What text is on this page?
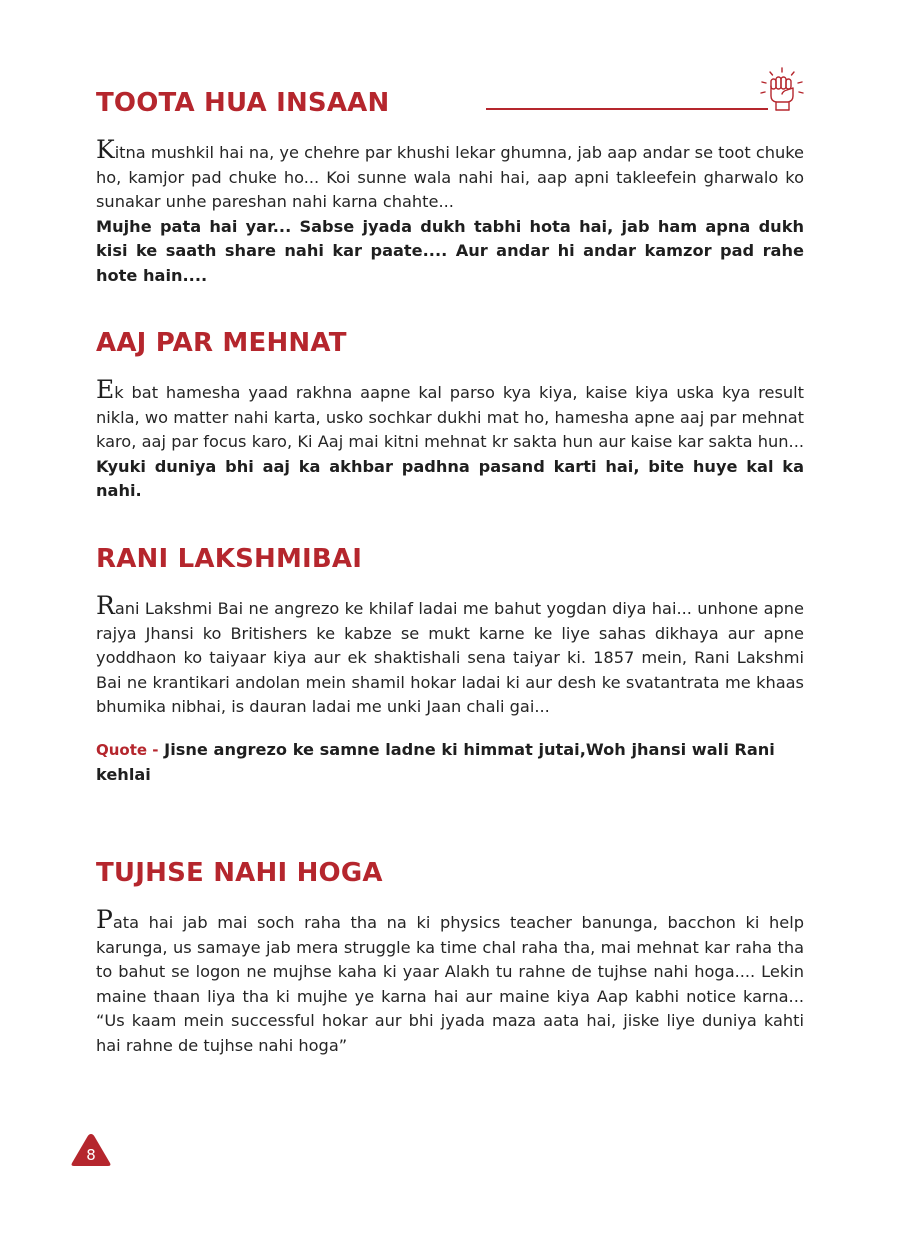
TOOTA HUA INSAAN

Kitna mushkil hai na, ye chehre par khushi lekar ghumna, jab aap andar se toot chuke ho, kamjor pad chuke ho... Koi sunne wala nahi hai, aap apni takleefein gharwalo ko sunakar unhe pareshan nahi karna chahte...
Mujhe pata hai yar... Sabse jyada dukh tabhi hota hai, jab ham apna dukh kisi ke saath share nahi kar paate.... Aur andar hi andar kamzor pad rahe hote hain....

AAJ PAR MEHNAT

Ek bat hamesha yaad rakhna aapne kal parso kya kiya, kaise kiya uska kya result nikla, wo matter nahi karta, usko sochkar dukhi mat ho, hamesha apne aaj par mehnat karo, aaj par focus karo, Ki Aaj mai kitni mehnat kr sakta hun aur kaise kar sakta hun... Kyuki duniya bhi aaj ka akhbar padhna pasand karti hai, bite huye kal ka nahi.

RANI LAKSHMIBAI

Rani Lakshmi Bai ne angrezo ke khilaf ladai me bahut yogdan diya hai... unhone apne rajya Jhansi ko Britishers ke kabze se mukt karne ke liye sahas dikhaya aur apne yoddhaon ko taiyaar kiya aur ek shaktishali sena taiyar ki. 1857 mein, Rani Lakshmi Bai ne krantikari andolan mein shamil hokar ladai ki aur desh ke svatantrata me khaas bhumika nibhai, is dauran ladai me unki Jaan chali gai...

Quote - Jisne angrezo ke samne ladne ki himmat jutai,Woh jhansi wali Rani kehlai

TUJHSE NAHI HOGA

Pata hai jab mai soch raha tha na ki physics teacher banunga, bacchon ki help karunga, us samaye jab mera struggle ka time chal raha tha, mai mehnat kar raha tha to bahut se logon ne mujhse kaha ki yaar Alakh tu rahne de tujhse nahi hoga.... Lekin maine thaan liya tha ki mujhe ye karna hai aur maine kiya Aap kabhi notice karna... “Us kaam mein successful hokar aur bhi jyada maza aata hai, jiske liye duniya kahti hai rahne de tujhse nahi hoga”

8
